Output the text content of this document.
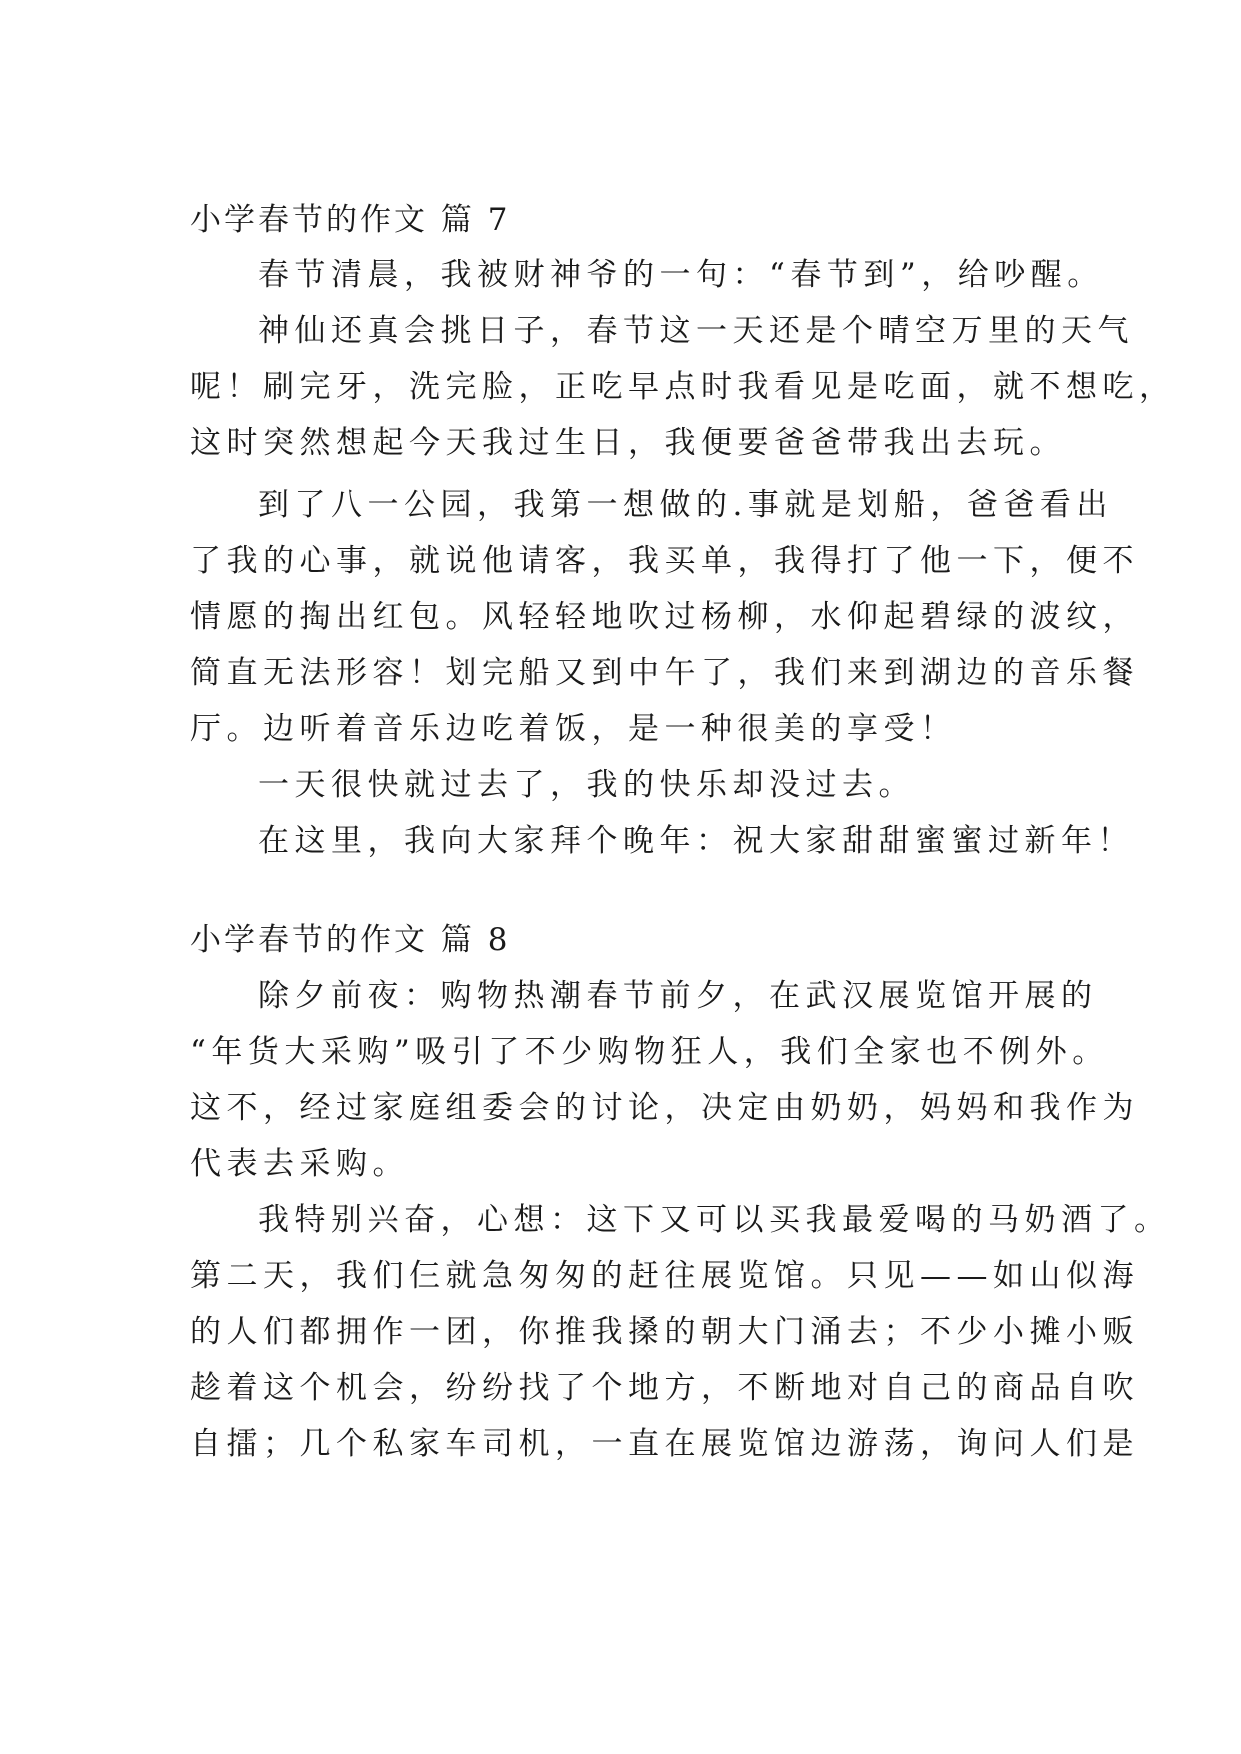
小学春节的作文 篇 7

春节清晨，我被财神爷的一句：“春节到”，给吵醒。

神仙还真会挑日子，春节这一天还是个晴空万里的天气

呢！刷完牙，洗完脸，正吃早点时我看见是吃面，就不想吃，

这时突然想起今天我过生日，我便要爸爸带我出去玩。

到了八一公园，我第一想做的.事就是划船，爸爸看出

了我的心事，就说他请客，我买单，我得打了他一下，便不

情愿的掏出红包。风轻轻地吹过杨柳，水仰起碧绿的波纹，

简直无法形容！划完船又到中午了，我们来到湖边的音乐餐

厅。边听着音乐边吃着饭，是一种很美的享受！

一天很快就过去了，我的快乐却没过去。

在这里，我向大家拜个晚年：祝大家甜甜蜜蜜过新年！

小学春节的作文 篇 8

除夕前夜：购物热潮春节前夕，在武汉展览馆开展的

“年货大采购”吸引了不少购物狂人，我们全家也不例外。

这不，经过家庭组委会的讨论，决定由奶奶，妈妈和我作为

代表去采购。

我特别兴奋，心想：这下又可以买我最爱喝的马奶酒了。

第二天，我们仨就急匆匆的赶往展览馆。只见——如山似海

的人们都拥作一团，你推我搡的朝大门涌去；不少小摊小贩

趁着这个机会，纷纷找了个地方，不断地对自己的商品自吹

自擂；几个私家车司机，一直在展览馆边游荡，询问人们是
